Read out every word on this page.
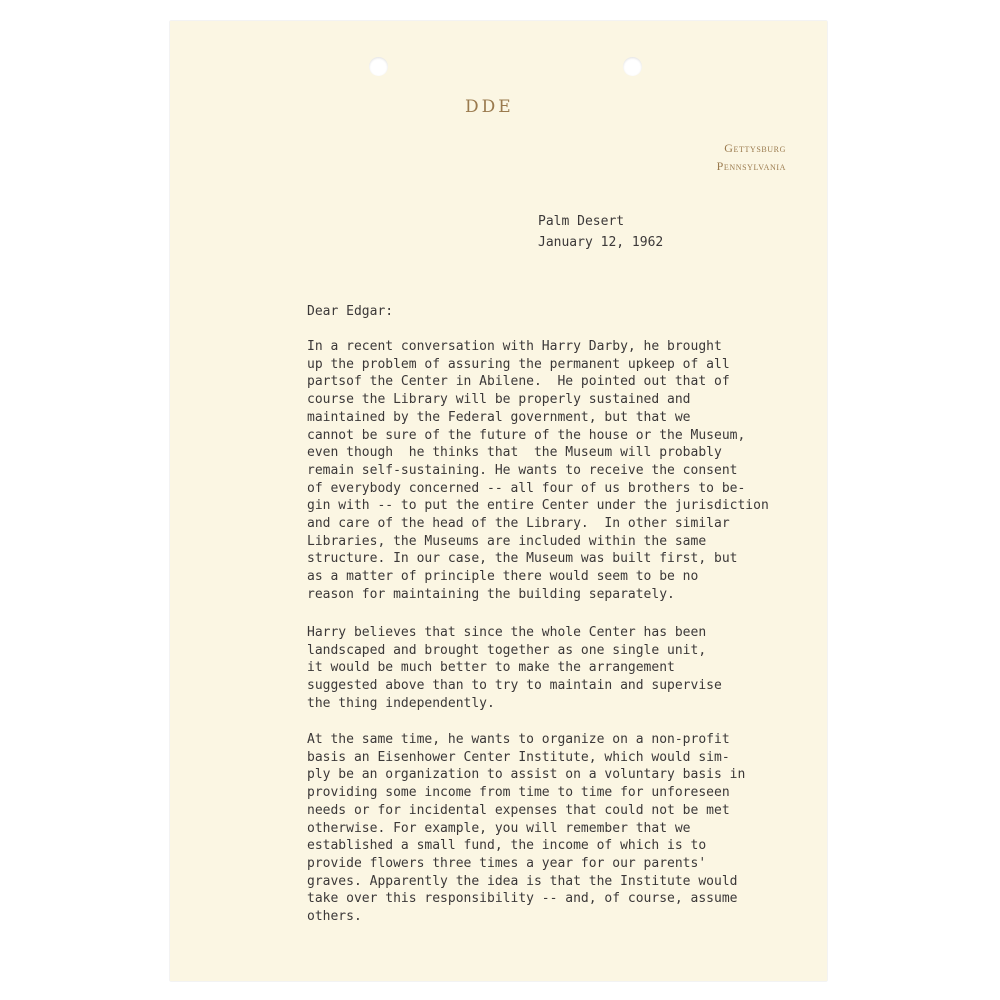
DDE
Gettysburg
Pennsylvania
Palm Desert
January 12, 1962
Dear Edgar:
In a recent conversation with Harry Darby, he brought
up the problem of assuring the permanent upkeep of all
partsof the Center in Abilene.  He pointed out that of
course the Library will be properly sustained and
maintained by the Federal government, but that we
cannot be sure of the future of the house or the Museum,
even though  he thinks that  the Museum will probably
remain self-sustaining. He wants to receive the consent
of everybody concerned -- all four of us brothers to be-
gin with -- to put the entire Center under the jurisdiction
and care of the head of the Library.  In other similar
Libraries, the Museums are included within the same
structure. In our case, the Museum was built first, but
as a matter of principle there would seem to be no
reason for maintaining the building separately.
Harry believes that since the whole Center has been
landscaped and brought together as one single unit,
it would be much better to make the arrangement
suggested above than to try to maintain and supervise
the thing independently.
At the same time, he wants to organize on a non-profit
basis an Eisenhower Center Institute, which would sim-
ply be an organization to assist on a voluntary basis in
providing some income from time to time for unforeseen
needs or for incidental expenses that could not be met
otherwise. For example, you will remember that we
established a small fund, the income of which is to
provide flowers three times a year for our parents'
graves. Apparently the idea is that the Institute would
take over this responsibility -- and, of course, assume
others.
